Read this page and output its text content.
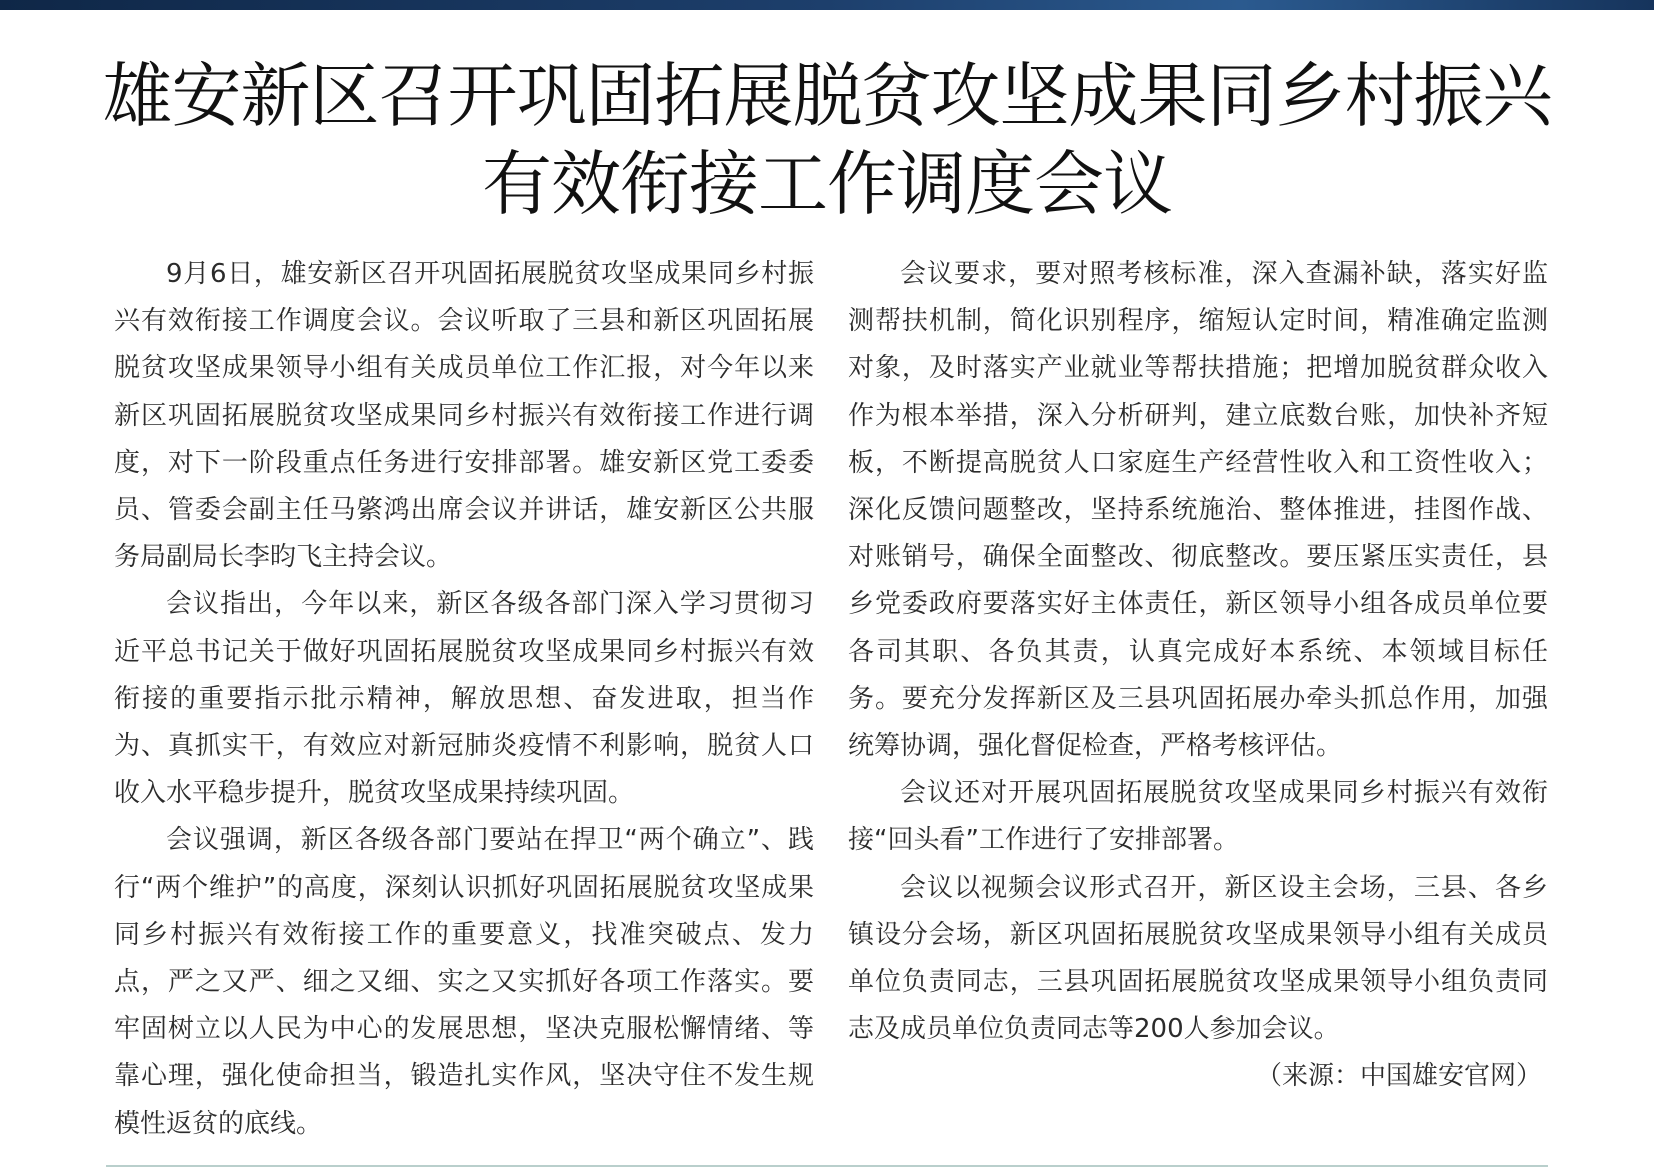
雄安新区召开巩固拓展脱贫攻坚成果同乡村振兴
有效衔接工作调度会议

9月6日，雄安新区召开巩固拓展脱贫攻坚成果同乡村振兴有效衔接工作调度会议。会议听取了三县和新区巩固拓展脱贫攻坚成果领导小组有关成员单位工作汇报，对今年以来新区巩固拓展脱贫攻坚成果同乡村振兴有效衔接工作进行调度，对下一阶段重点任务进行安排部署。雄安新区党工委委员、管委会副主任马綮鸿出席会议并讲话，雄安新区公共服务局副局长李昀飞主持会议。

会议指出，今年以来，新区各级各部门深入学习贯彻习近平总书记关于做好巩固拓展脱贫攻坚成果同乡村振兴有效衔接的重要指示批示精神，解放思想、奋发进取，担当作为、真抓实干，有效应对新冠肺炎疫情不利影响，脱贫人口收入水平稳步提升，脱贫攻坚成果持续巩固。

会议强调，新区各级各部门要站在捍卫“两个确立”、践行“两个维护”的高度，深刻认识抓好巩固拓展脱贫攻坚成果同乡村振兴有效衔接工作的重要意义，找准突破点、发力点，严之又严、细之又细、实之又实抓好各项工作落实。要牢固树立以人民为中心的发展思想，坚决克服松懈情绪、等靠心理，强化使命担当，锻造扎实作风，坚决守住不发生规模性返贫的底线。

会议要求，要对照考核标准，深入查漏补缺，落实好监测帮扶机制，简化识别程序，缩短认定时间，精准确定监测对象，及时落实产业就业等帮扶措施；把增加脱贫群众收入作为根本举措，深入分析研判，建立底数台账，加快补齐短板，不断提高脱贫人口家庭生产经营性收入和工资性收入；深化反馈问题整改，坚持系统施治、整体推进，挂图作战、对账销号，确保全面整改、彻底整改。要压紧压实责任，县乡党委政府要落实好主体责任，新区领导小组各成员单位要各司其职、各负其责，认真完成好本系统、本领域目标任务。要充分发挥新区及三县巩固拓展办牵头抓总作用，加强统筹协调，强化督促检查，严格考核评估。

会议还对开展巩固拓展脱贫攻坚成果同乡村振兴有效衔接“回头看”工作进行了安排部署。

会议以视频会议形式召开，新区设主会场，三县、各乡镇设分会场，新区巩固拓展脱贫攻坚成果领导小组有关成员单位负责同志，三县巩固拓展脱贫攻坚成果领导小组负责同志及成员单位负责同志等200人参加会议。

（来源：中国雄安官网）
